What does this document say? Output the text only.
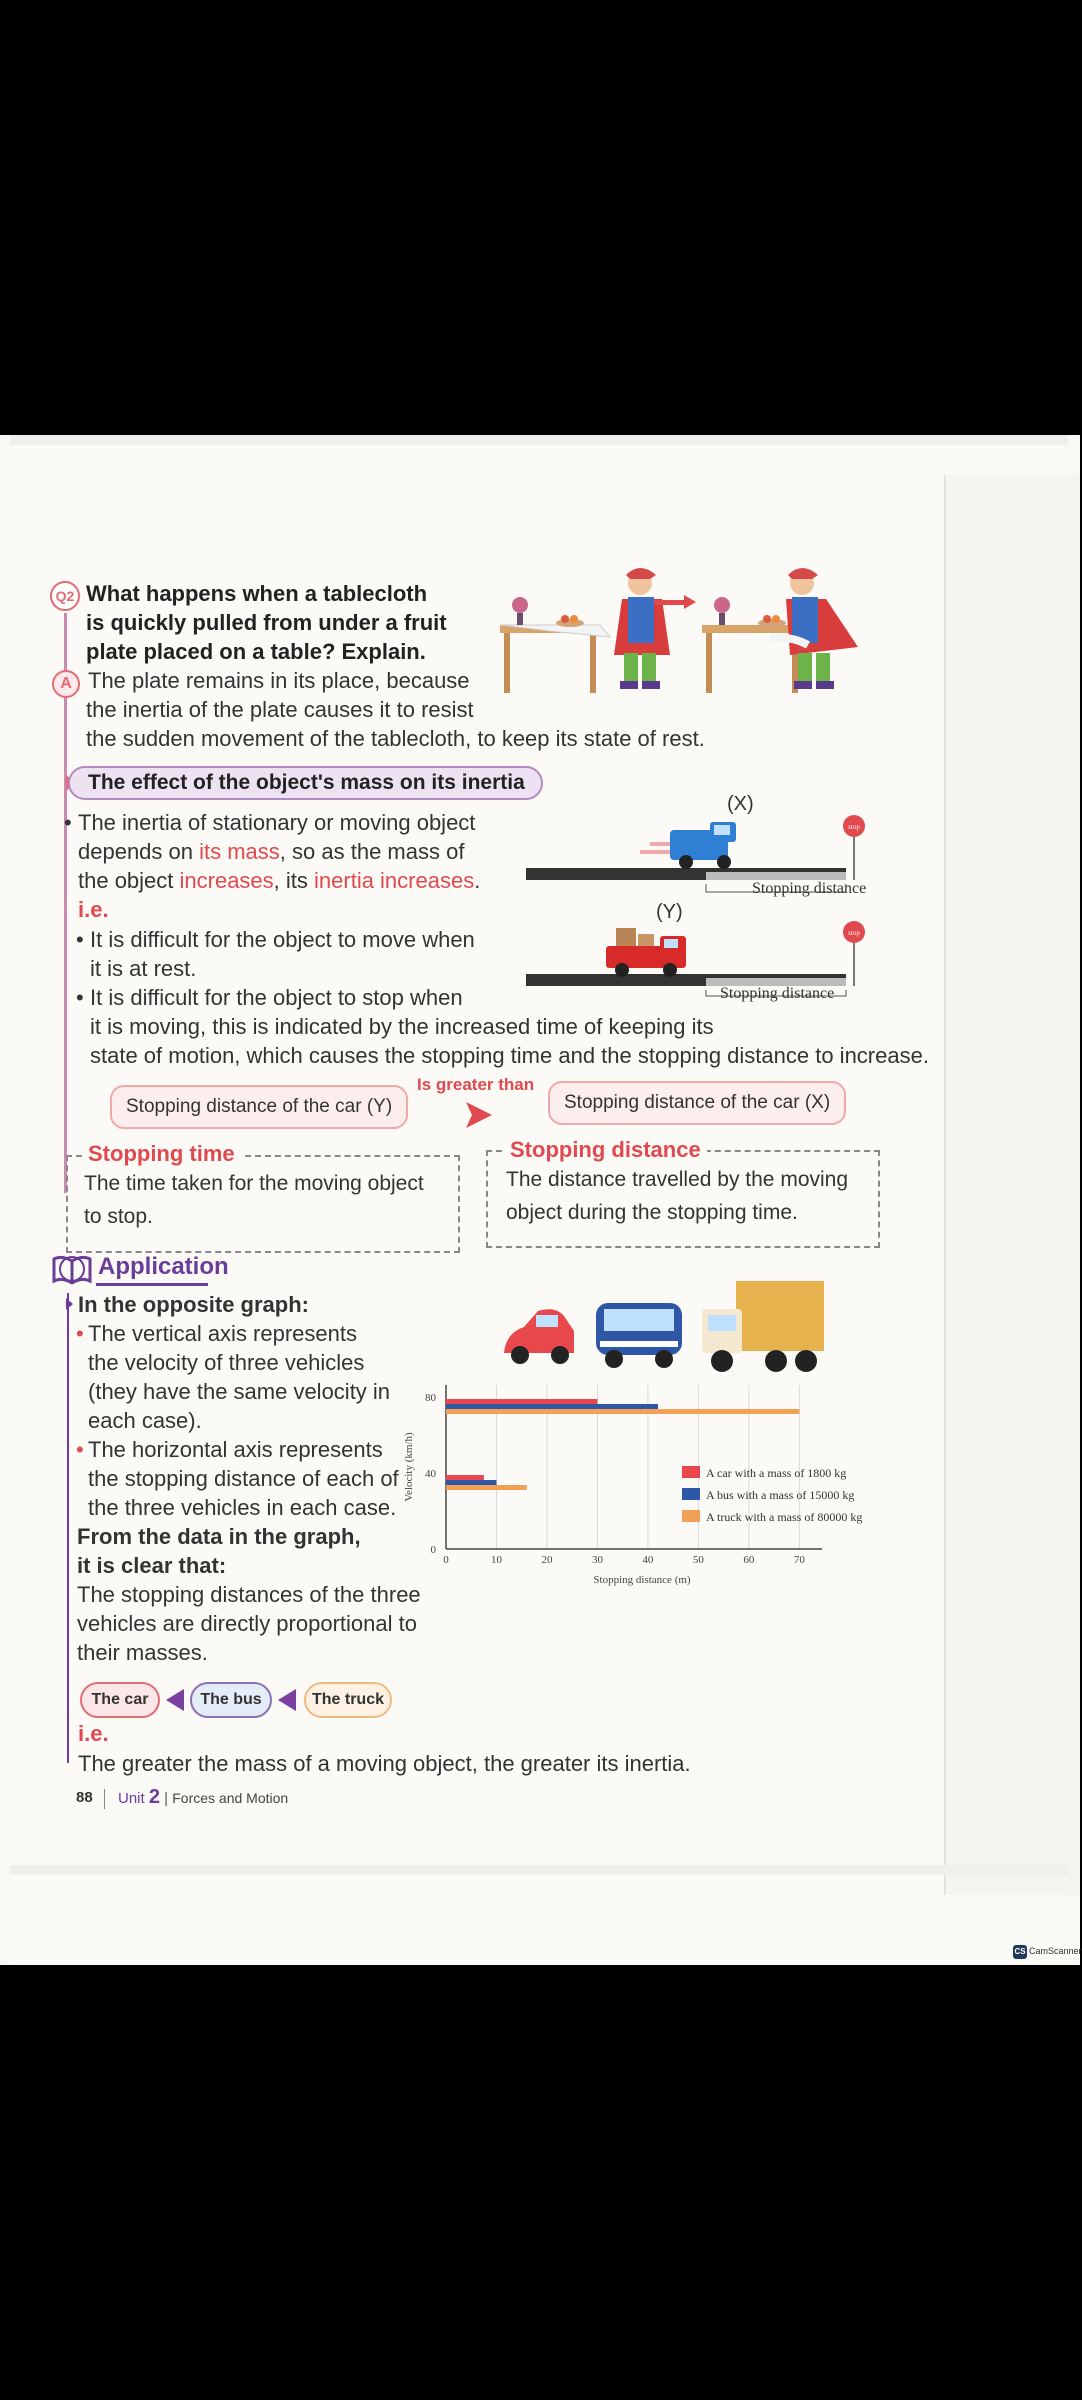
Q2 What happens when a tablecloth
is quickly pulled from under a fruit
plate placed on a table? Explain.
A The plate remains in its place, because
the inertia of the plate causes it to resist
the sudden movement of the tablecloth, to keep its state of rest.
The effect of the object's mass on its inertia
• The inertia of stationary or moving object
depends on its mass, so as the mass of
the object increases, its inertia increases.
i.e.
• It is difficult for the object to move when
it is at rest.
• It is difficult for the object to stop when
it is moving, this is indicated by the increased time of keeping its
state of motion, which causes the stopping time and the stopping distance to increase.
(X)
(Y)
stop
stop
Stopping distance
Stopping distance
Stopping distance of the car (Y)
Is greater than
Stopping distance of the car (X)
Stopping time
The time taken for the moving object
to stop.
Stopping distance
The distance travelled by the moving
object during the stopping time.
Application
In the opposite graph:
• The vertical axis represents
the velocity of three vehicles
(they have the same velocity in
each case).
• The horizontal axis represents
the stopping distance of each of
the three vehicles in each case.
From the data in the graph,
it is clear that:
The stopping distances of the three
vehicles are directly proportional to
their masses.
The car	The bus	The truck
i.e.
The greater the mass of a moving object, the greater its inertia.
0	10	20	30	40	50	60	70
0
40
80
Stopping distance (m)
Velocity (km/h)	A car with a mass of 1800 kg
A bus with a mass of 15000 kg
A truck with a mass of 80000 kg
88 Unit 2 | Forces and Motion
CS CamScanner
